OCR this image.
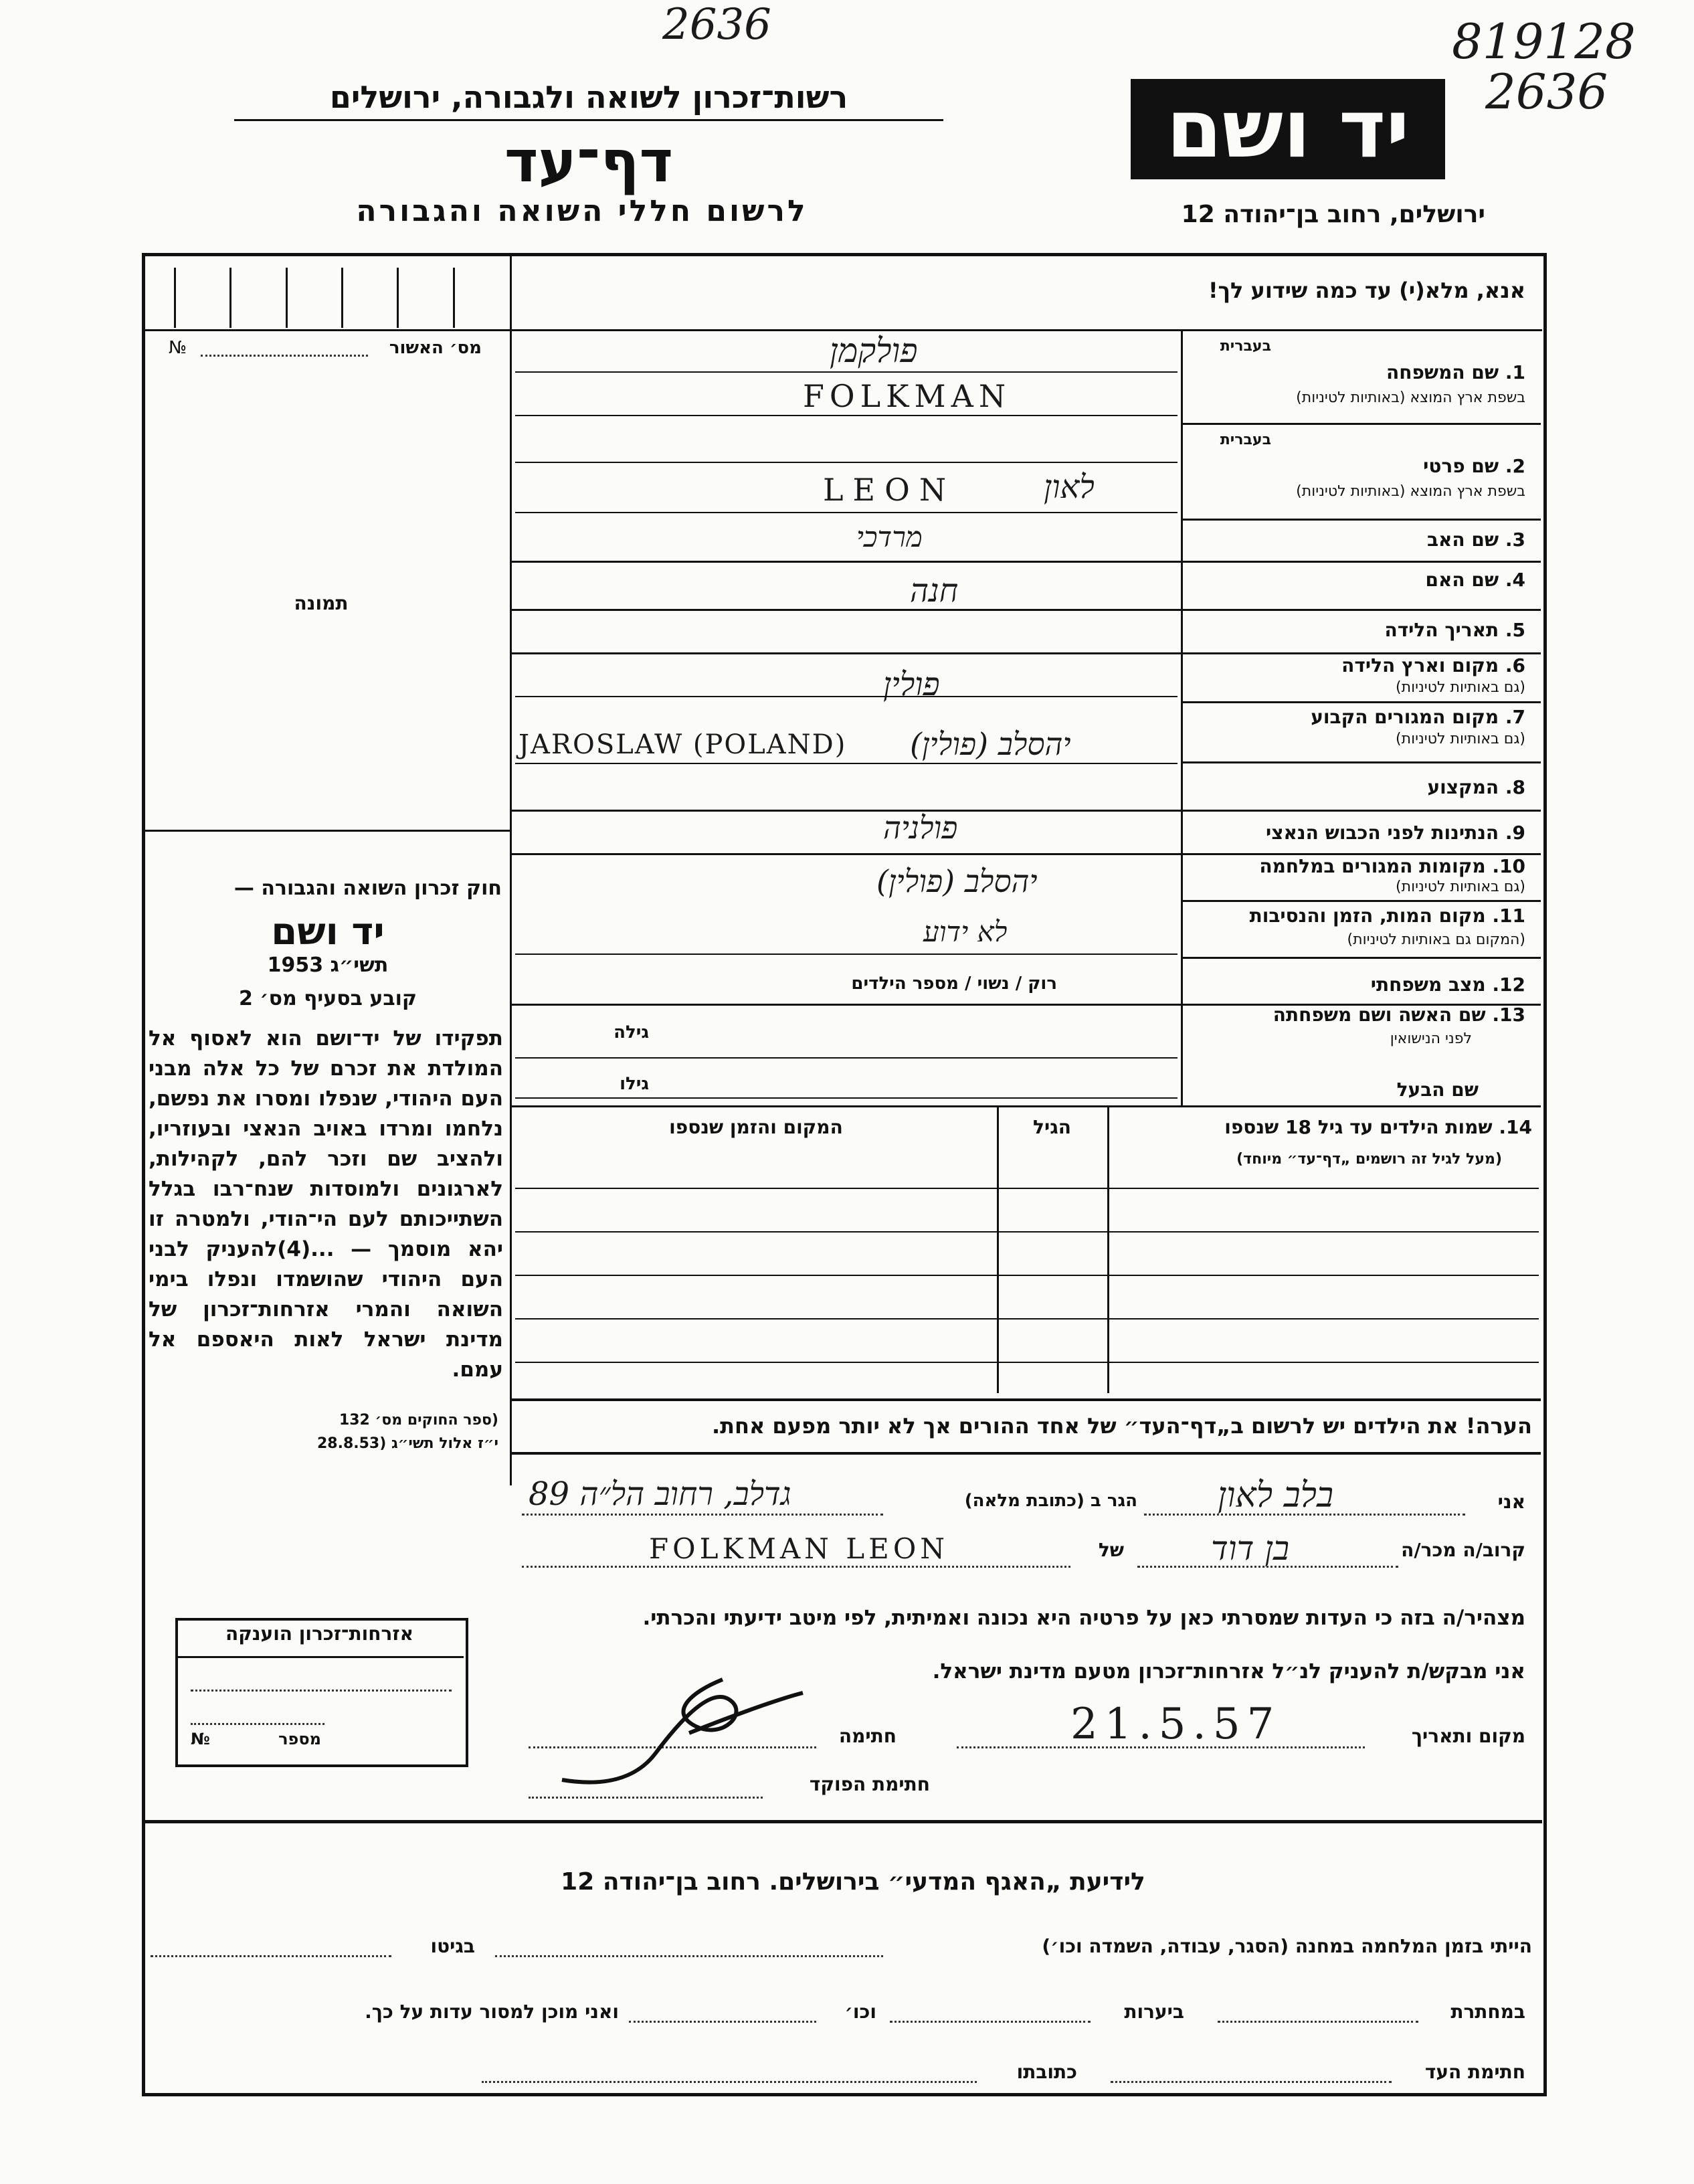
2636	819128
2636
רשות־זכרון לשואה ולגבורה, ירושלים
דף־עד
לרשום חללי השואה והגבורה
יד ושם
ירושלים, רחוב בן־יהודה 12
מס׳ האשור
№
תמונה
חוק זכרון השואה והגבורה —
יד ושם
תשי״ג 1953
קובע בסעיף מס׳ 2
תפקידו של יד־ושם הוא לאסוף אל המולדת את זכרם של כל אלה מבני העם היהודי, שנפלו ומסרו את נפשם, נלחמו ומרדו באויב הנאצי ובעוזריו, ולהציב שם וזכר להם, לקהילות, לארגונים ולמוסדות שנח־רבו בגלל השתייכותם לעם הי־הודי, ולמטרה זו יהא מוסמך — ...(4)להעניק לבני העם היהודי שהושמדו ונפלו בימי השואה והמרי אזרחות־זכרון של מדינת ישראל לאות היאספם אל עמם.
(ספר החוקים מס׳ 132
י״ז אלול תשי״ג (28.8.53
אנא, מלא(י) עד כמה שידוע לך!
בעברית
1. שם המשפחה
בשפת ארץ המוצא (באותיות לטיניות)
פולקמן
FOLKMAN
בעברית
2. שם פרטי
בשפת ארץ המוצא (באותיות לטיניות)
LEON	לאון
3. שם האב
מרדכי
4. שם האם
חנה
5. תאריך הלידה
6. מקום וארץ הלידה
(גם באותיות לטיניות)
פולין
7. מקום המגורים הקבוע
(גם באותיות לטיניות)
JAROSLAW (POLAND) יהסלב (פולין)
8. המקצוע
9. הנתינות לפני הכבוש הנאצי
פולניה
10. מקומות המגורים במלחמה
(גם באותיות לטיניות)
יהסלב (פולין)
11. מקום המות, הזמן והנסיבות
(המקום גם באותיות לטיניות)
לא ידוע
12. מצב משפחתי
רוק / נשוי / מספר הילדים
13. שם האשה ושם משפחתה
לפני הנישואין
גילה
שם הבעל
גילו
14. שמות הילדים עד גיל 18 שנספו
(מעל לגיל זה רושמים „דף־עד״ מיוחד)
הגיל
המקום והזמן שנספו
הערה! את הילדים יש לרשום ב„דף־העד״ של אחד ההורים אך לא יותר מפעם אחת.
אני
בלב לאון
הגר ב (כתובת מלאה)
גדלב, רחוב הל״ה 89
קרוב/ה מכר/ה
בן דוד
של
FOLKMAN LEON
מצהיר/ה בזה כי העדות שמסרתי כאן על פרטיה היא נכונה ואמיתית, לפי מיטב ידיעתי והכרתי.
אני מבקש/ת להעניק לנ״ל אזרחות־זכרון מטעם מדינת ישראל.
מקום ותאריך
21.5.57
חתימה
חתימת הפוקד
אזרחות־זכרון הוענקה
מספר
№
לידיעת „האגף המדעי״ בירושלים. רחוב בן־יהודה 12
הייתי בזמן המלחמה במחנה (הסגר, עבודה, השמדה וכו׳)
בגיטו
במחתרת
ביערות
וכו׳
ואני מוכן למסור עדות על כך.
חתימת העד
כתובתו
